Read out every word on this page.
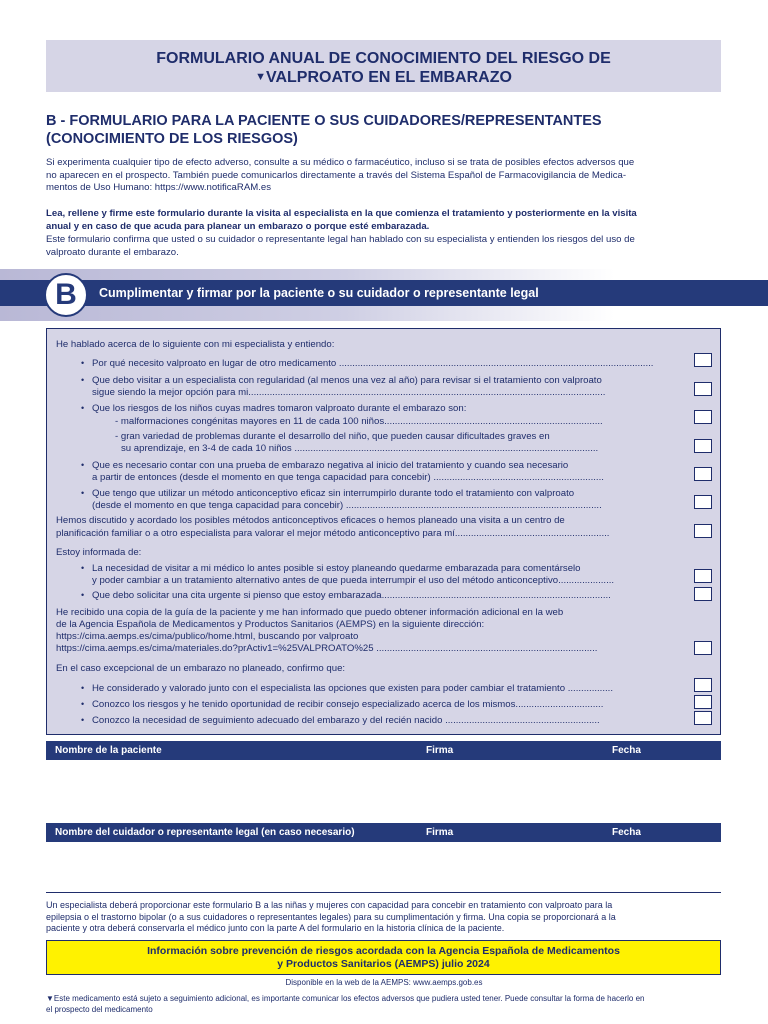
FORMULARIO ANUAL DE CONOCIMIENTO DEL RIESGO DE
▼VALPROATO EN EL EMBARAZO
B - FORMULARIO PARA LA PACIENTE O SUS CUIDADORES/REPRESENTANTES
(CONOCIMIENTO DE LOS RIESGOS)
Si experimenta cualquier tipo de efecto adverso, consulte a su médico o farmacéutico, incluso si se trata de posibles efectos adversos que
no aparecen en el prospecto. También puede comunicarlos directamente a través del Sistema Español de Farmacovigilancia de Medica-
mentos de Uso Humano: https://www.notificaRAM.es
Lea, rellene y firme este formulario durante la visita al especialista en la que comienza el tratamiento y posteriormente en la visita
anual y en caso de que acuda para planear un embarazo o porque esté embarazada.
Este formulario confirma que usted o su cuidador o representante legal han hablado con su especialista y entienden los riesgos del uso de
valproato durante el embarazo.
B	Cumplimentar y firmar por la paciente o su cuidador o representante legal
He hablado acerca de lo siguiente con mi especialista y entiendo:
• Por qué necesito valproato en lugar de otro medicamento ......................................................................................................................
• Que debo visitar a un especialista con regularidad (al menos una vez al año) para revisar si el tratamiento con valproato
sigue siendo la mejor opción para mi......................................................................................................................................
• Que los riesgos de los niños cuyas madres tomaron valproato durante el embarazo son:
- malformaciones congénitas mayores en 11 de cada 100 niños..................................................................................
- gran variedad de problemas durante el desarrollo del niño, que pueden causar dificultades graves en
su aprendizaje, en 3-4 de cada 10 niños ..................................................................................................................
• Que es necesario contar con una prueba de embarazo negativa al inicio del tratamiento y cuando sea necesario
a partir de entonces (desde el momento en que tenga capacidad para concebir) ................................................................
• Que tengo que utilizar un método anticonceptivo eficaz sin interrumpirlo durante todo el tratamiento con valproato
(desde el momento en que tenga capacidad para concebir) ................................................................................................
Hemos discutido y acordado los posibles métodos anticonceptivos eficaces o hemos planeado una visita a un centro de
planificación familiar o a otro especialista para valorar el mejor método anticonceptivo para mí..........................................................
Estoy informada de:
• La necesidad de visitar a mi médico lo antes posible si estoy planeando quedarme embarazada para comentárselo
y poder cambiar a un tratamiento alternativo antes de que pueda interrumpir el uso del método anticonceptivo.....................
• Que debo solicitar una cita urgente si pienso que estoy embarazada......................................................................................
He recibido una copia de la guía de la paciente y me han informado que puedo obtener información adicional en la web
de la Agencia Española de Medicamentos y Productos Sanitarios (AEMPS) en la siguiente dirección:
https://cima.aemps.es/cima/publico/home.html, buscando por valproato
https://cima.aemps.es/cima/materiales.do?prActiv1=%25VALPROATO%25 ...................................................................................
En el caso excepcional de un embarazo no planeado, confirmo que:
• He considerado y valorado junto con el especialista las opciones que existen para poder cambiar el tratamiento .................
• Conozco los riesgos y he tenido oportunidad de recibir consejo especializado acerca de los mismos.................................
• Conozco la necesidad de seguimiento adecuado del embarazo y del recién nacido ..........................................................
Nombre de la paciente	Firma	Fecha
Nombre del cuidador o representante legal (en caso necesario)	Firma	Fecha
Un especialista deberá proporcionar este formulario B a las niñas y mujeres con capacidad para concebir en tratamiento con valproato para la
epilepsia o el trastorno bipolar (o a sus cuidadores o representantes legales) para su cumplimentación y firma. Una copia se proporcionará a la
paciente y otra deberá conservarla el médico junto con la parte A del formulario en la historia clínica de la paciente.
Información sobre prevención de riesgos acordada con la Agencia Española de Medicamentos
y Productos Sanitarios (AEMPS) julio 2024
Disponible en la web de la AEMPS: www.aemps.gob.es
▼Este medicamento está sujeto a seguimiento adicional, es importante comunicar los efectos adversos que pudiera usted tener. Puede consultar la forma de hacerlo en
el prospecto del medicamento
